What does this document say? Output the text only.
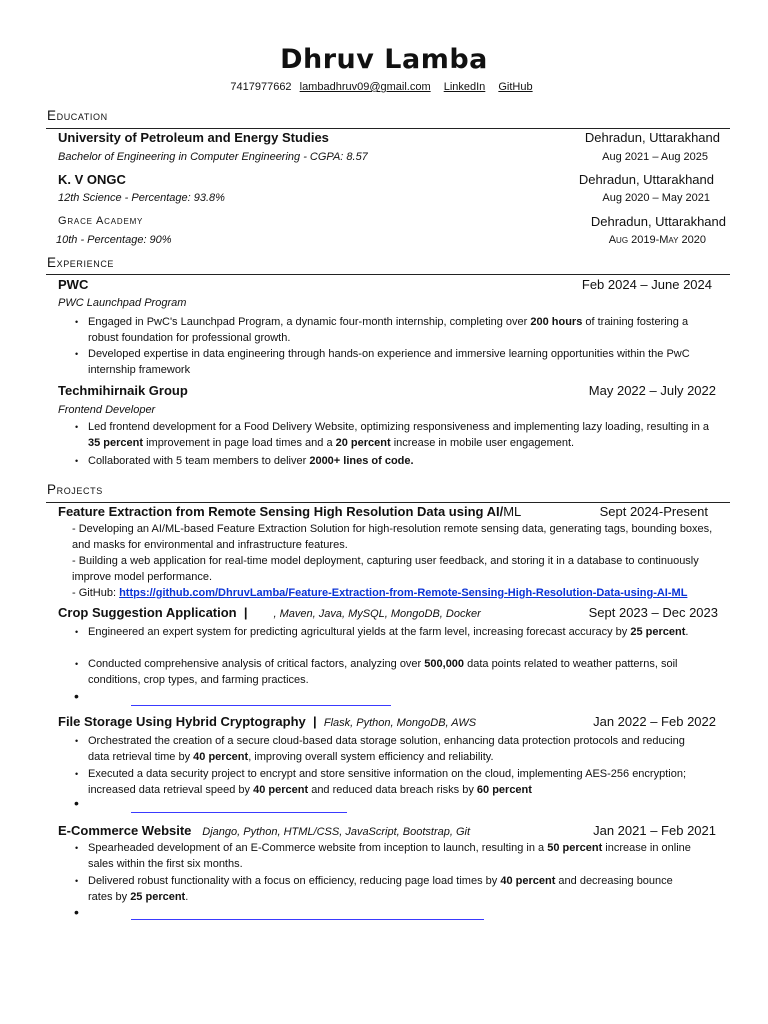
Dhruv Lamba
7417977662 lambadhruv09@gmail.com LinkedIn GitHub
Education
University of Petroleum and Energy Studies	Dehradun, Uttarakhand
Bachelor of Engineering in Computer Engineering - CGPA: 8.57	Aug 2021 – Aug 2025
K. V ONGC	Dehradun, Uttarakhand
12th Science - Percentage: 93.8%	Aug 2020 – May 2021
Grace Academy	Dehradun, Uttarakhand
10th - Percentage: 90%	Aug 2019-May 2020
Experience
PWC	Feb 2024 – June 2024
PWC Launchpad Program
• Engaged in PwC's Launchpad Program, a dynamic four-month internship, completing over 200 hours of training fostering a robust foundation for professional growth.
• Developed expertise in data engineering through hands-on experience and immersive learning opportunities within the PwC internship framework
Techmihirnaik Group	May 2022 – July 2022
Frontend Developer
• Led frontend development for a Food Delivery Website, optimizing responsiveness and implementing lazy loading, resulting in a 35 percent improvement in page load times and a 20 percent increase in mobile user engagement.
• Collaborated with 5 team members to deliver 2000+ lines of code.
Projects
Feature Extraction from Remote Sensing High Resolution Data using AI/ML	Sept 2024-Present
- Developing an AI/ML-based Feature Extraction Solution for high-resolution remote sensing data, generating tags, bounding boxes, and masks for environmental and infrastructure features.
- Building a web application for real-time model deployment, capturing user feedback, and storing it in a database to continuously improve model performance.
- GitHub: https://github.com/DhruvLamba/Feature-Extraction-from-Remote-Sensing-High-Resolution-Data-using-AI-ML
Crop Suggestion Application | , Maven, Java, MySQL, MongoDB, Docker	Sept 2023 – Dec 2023
• Engineered an expert system for predicting agricultural yields at the farm level, increasing forecast accuracy by 25 percent.
• Conducted comprehensive analysis of critical factors, analyzing over 500,000 data points related to weather patterns, soil conditions, crop types, and farming practices.
File Storage Using Hybrid Cryptography | Flask, Python, MongoDB, AWS	Jan 2022 – Feb 2022
• Orchestrated the creation of a secure cloud-based data storage solution, enhancing data protection protocols and reducing data retrieval time by 40 percent, improving overall system efficiency and reliability.
• Executed a data security project to encrypt and store sensitive information on the cloud, implementing AES-256 encryption; increased data retrieval speed by 40 percent and reduced data breach risks by 60 percent
E-Commerce Website Django, Python, HTML/CSS, JavaScript, Bootstrap, Git	Jan 2021 – Feb 2021
• Spearheaded development of an E-Commerce website from inception to launch, resulting in a 50 percent increase in online sales within the first six months.
• Delivered robust functionality with a focus on efficiency, reducing page load times by 40 percent and decreasing bounce rates by 25 percent.
